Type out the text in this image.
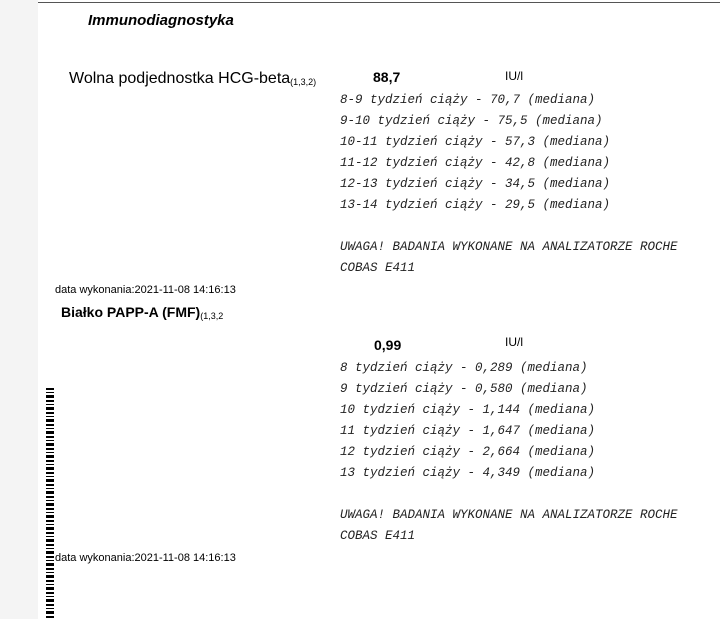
Immunodiagnostyka
Wolna podjednostka HCG-beta$_{(1,3,2)}$	88,7	IU/l
8-9 tydzień ciąży - 70,7 (mediana)
9-10 tydzień ciąży - 75,5 (mediana)
10-11 tydzień ciąży - 57,3 (mediana)
11-12 tydzień ciąży - 42,8 (mediana)
12-13 tydzień ciąży - 34,5 (mediana)
13-14 tydzień ciąży - 29,5 (mediana)
UWAGA! BADANIA WYKONANE NA ANALIZATORZE ROCHE
COBAS E411
data wykonania:2021-11-08 14:16:13
Białko PAPP-A $(FMF)_{(1,3,2}$
0,99	IU/l
8 tydzień ciąży - 0,289 (mediana)
9 tydzień ciąży - 0,580 (mediana)
10 tydzień ciąży - 1,144 (mediana)
11 tydzień ciąży - 1,647 (mediana)
12 tydzień ciąży - 2,664 (mediana)
13 tydzień ciąży - 4,349 (mediana)
UWAGA! BADANIA WYKONANE NA ANALIZATORZE ROCHE
COBAS E411
data wykonania:2021-11-08 14:16:13
